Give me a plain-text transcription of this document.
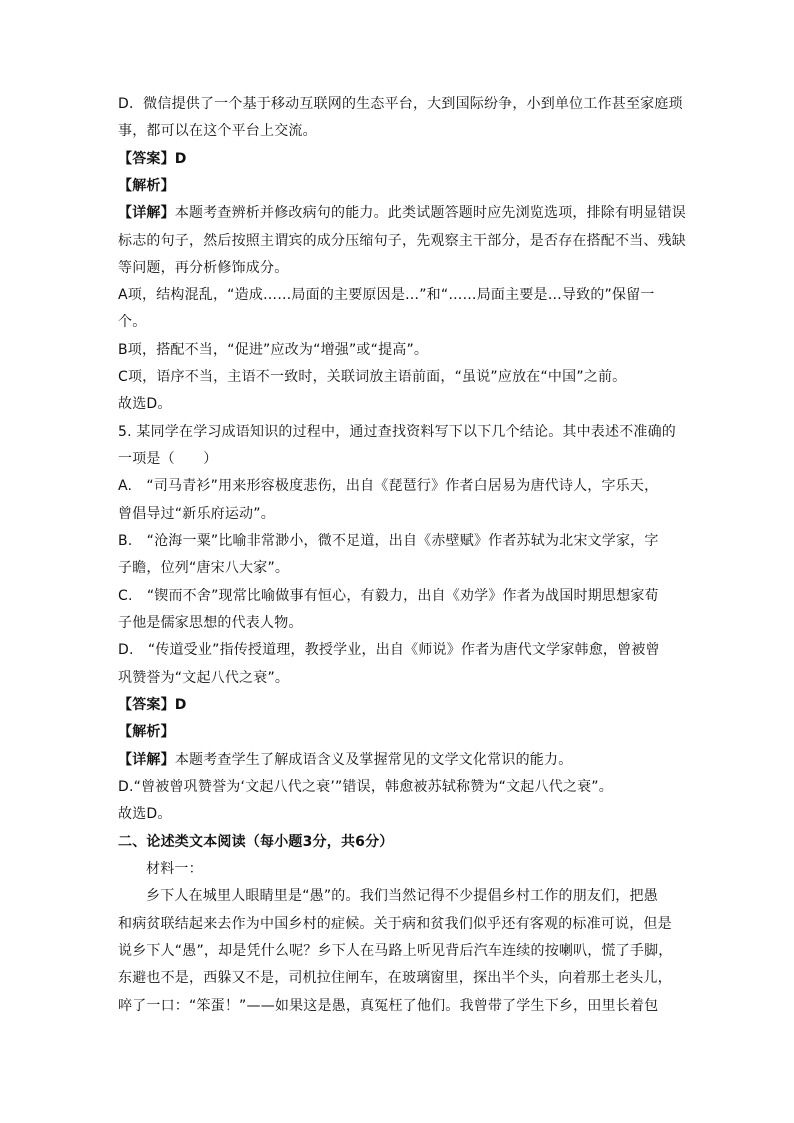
D．微信提供了一个基于移动互联网的生态平台，大到国际纷争，小到单位工作甚至家庭琐
事，都可以在这个平台上交流。
【答案】D
【解析】
【详解】本题考查辨析并修改病句的能力。此类试题答题时应先浏览选项，排除有明显错误
标志的句子，然后按照主谓宾的成分压缩句子，先观察主干部分，是否存在搭配不当、残缺
等问题，再分析修饰成分。
A项，结构混乱，“造成……局面的主要原因是…”和“……局面主要是…导致的”保留一
个。
B项，搭配不当，“促进”应改为“增强”或“提高”。
C项，语序不当，主语不一致时，关联词放主语前面，“虽说”应放在“中国”之前。
故选D。
5. 某同学在学习成语知识的过程中，通过查找资料写下以下几个结论。其中表述不准确的
一项是（　　）
A.　“司马青衫”用来形容极度悲伤，出自《琵琶行》作者白居易为唐代诗人，字乐天，
曾倡导过“新乐府运动”。
B.　“沧海一粟”比喻非常渺小，微不足道，出自《赤壁赋》作者苏轼为北宋文学家，字
子瞻，位列“唐宋八大家”。
C.　“锲而不舍”现常比喻做事有恒心，有毅力，出自《劝学》作者为战国时期思想家荀
子他是儒家思想的代表人物。
D.　“传道受业”指传授道理，教授学业，出自《师说》作者为唐代文学家韩愈，曾被曾
巩赞誉为“文起八代之衰”。
【答案】D
【解析】
【详解】本题考查学生了解成语含义及掌握常见的文学文化常识的能力。
D.“曾被曾巩赞誉为‘文起八代之衰’”错误，韩愈被苏轼称赞为“文起八代之衰”。
故选D。
二、论述类文本阅读（每小题3分，共6分）
材料一：
乡下人在城里人眼睛里是“愚”的。我们当然记得不少提倡乡村工作的朋友们，把愚
和病贫联结起来去作为中国乡村的症候。关于病和贫我们似乎还有客观的标准可说，但是
说乡下人“愚”，却是凭什么呢？乡下人在马路上听见背后汽车连续的按喇叭，慌了手脚，
东避也不是，西躲又不是，司机拉住闸车，在玻璃窗里，探出半个头，向着那土老头儿，
啐了一口：“笨蛋！”——如果这是愚，真冤枉了他们。我曾带了学生下乡，田里长着包
